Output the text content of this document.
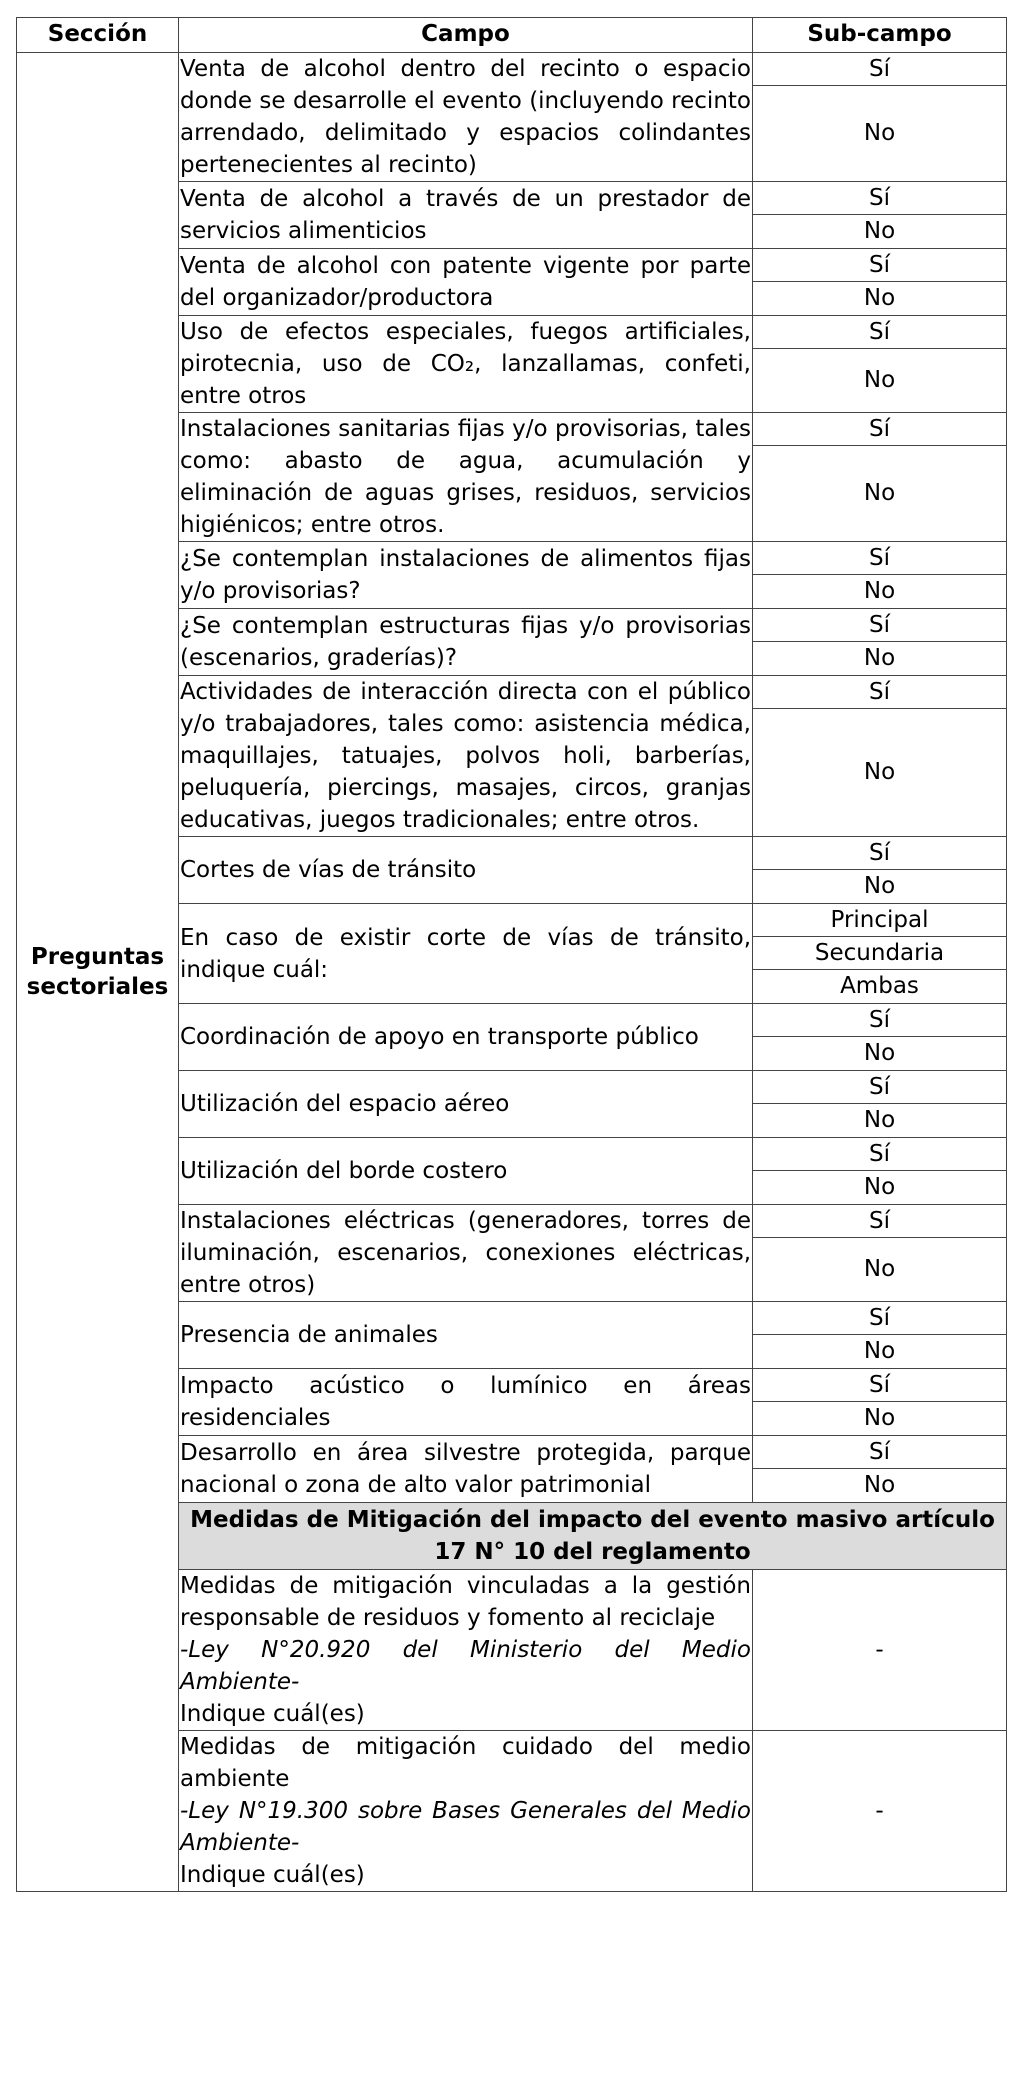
Sección	Campo	Sub-campo
Preguntas sectoriales
Venta de alcohol dentro del recinto o espacio donde se desarrolle el evento (incluyendo recinto arrendado, delimitado y espacios colindantes pertenecientes al recinto)
Sí
No
Venta de alcohol a través de un prestador de servicios alimenticios
Sí
No
Venta de alcohol con patente vigente por parte del organizador/productora
Sí
No
Uso de efectos especiales, fuegos artificiales, pirotecnia, uso de CO₂, lanzallamas, confeti, entre otros
Sí
No
Instalaciones sanitarias fijas y/o provisorias, tales como: abasto de agua, acumulación y eliminación de aguas grises, residuos, servicios higiénicos; entre otros.
Sí
No
¿Se contemplan instalaciones de alimentos fijas y/o provisorias?
Sí
No
¿Se contemplan estructuras fijas y/o provisorias (escenarios, graderías)?
Sí
No
Actividades de interacción directa con el público y/o trabajadores, tales como: asistencia médica, maquillajes, tatuajes, polvos holi, barberías, peluquería, piercings, masajes, circos, granjas educativas, juegos tradicionales; entre otros.
Sí
No
Cortes de vías de tránsito
Sí
No
En caso de existir corte de vías de tránsito, indique cuál:
Principal
Secundaria
Ambas
Coordinación de apoyo en transporte público
Sí
No
Utilización del espacio aéreo
Sí
No
Utilización del borde costero
Sí
No
Instalaciones eléctricas (generadores, torres de iluminación, escenarios, conexiones eléctricas, entre otros)
Sí
No
Presencia de animales
Sí
No
Impacto acústico o lumínico en áreas residenciales
Sí
No
Desarrollo en área silvestre protegida, parque nacional o zona de alto valor patrimonial
Sí
No
Medidas de Mitigación del impacto del evento masivo artículo 17 N° 10 del reglamento
Medidas de mitigación vinculadas a la gestión responsable de residuos y fomento al reciclaje
-Ley N°20.920 del Ministerio del Medio Ambiente-
Indique cuál(es)
-
Medidas de mitigación cuidado del medio ambiente
-Ley N°19.300 sobre Bases Generales del Medio Ambiente-
Indique cuál(es)
-
